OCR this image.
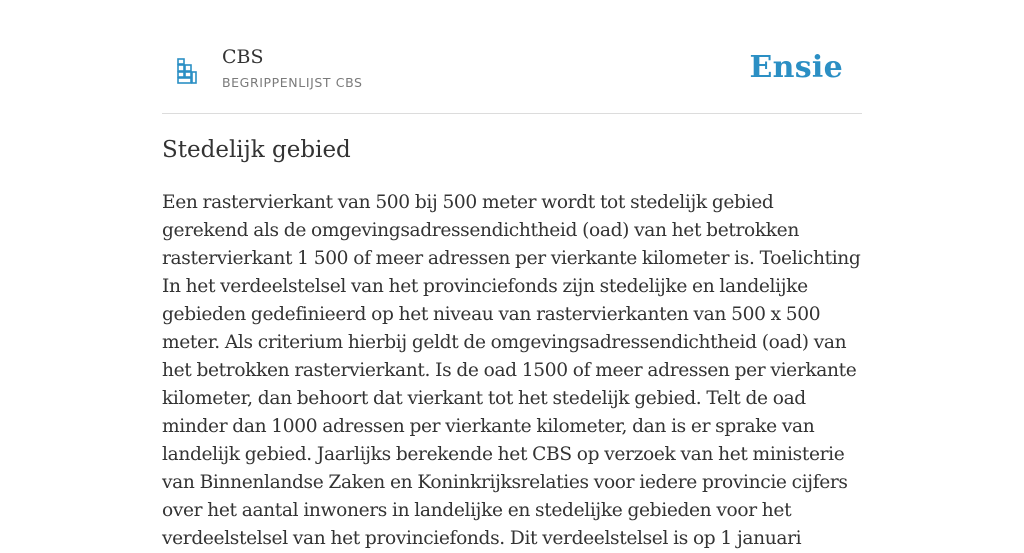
CBS
BEGRIPPENLIJST CBS	Ensie
Stedelijk gebied

Een rastervierkant van 500 bij 500 meter wordt tot stedelijk gebied gerekend als de omgevingsadressendichtheid (oad) van het betrokken rastervierkant 1 500 of meer adressen per vierkante kilometer is. Toelichting In het verdeelstelsel van het provinciefonds zijn stedelijke en landelijke gebieden gedefinieerd op het niveau van rastervierkanten van 500 x 500 meter. Als criterium hierbij geldt de omgevingsadressendichtheid (oad) van het betrokken rastervierkant. Is de oad 1500 of meer adressen per vierkante kilometer, dan behoort dat vierkant tot het stedelijk gebied. Telt de oad minder dan 1000 adressen per vierkante kilometer, dan is er sprake van landelijk gebied. Jaarlijks berekende het CBS op verzoek van het ministerie van Binnenlandse Zaken en Koninkrijksrelaties voor iedere provincie cijfers over het aantal inwoners in landelijke en stedelijke gebieden voor het verdeelstelsel van het provinciefonds. Dit verdeelstelsel is op 1 januari
